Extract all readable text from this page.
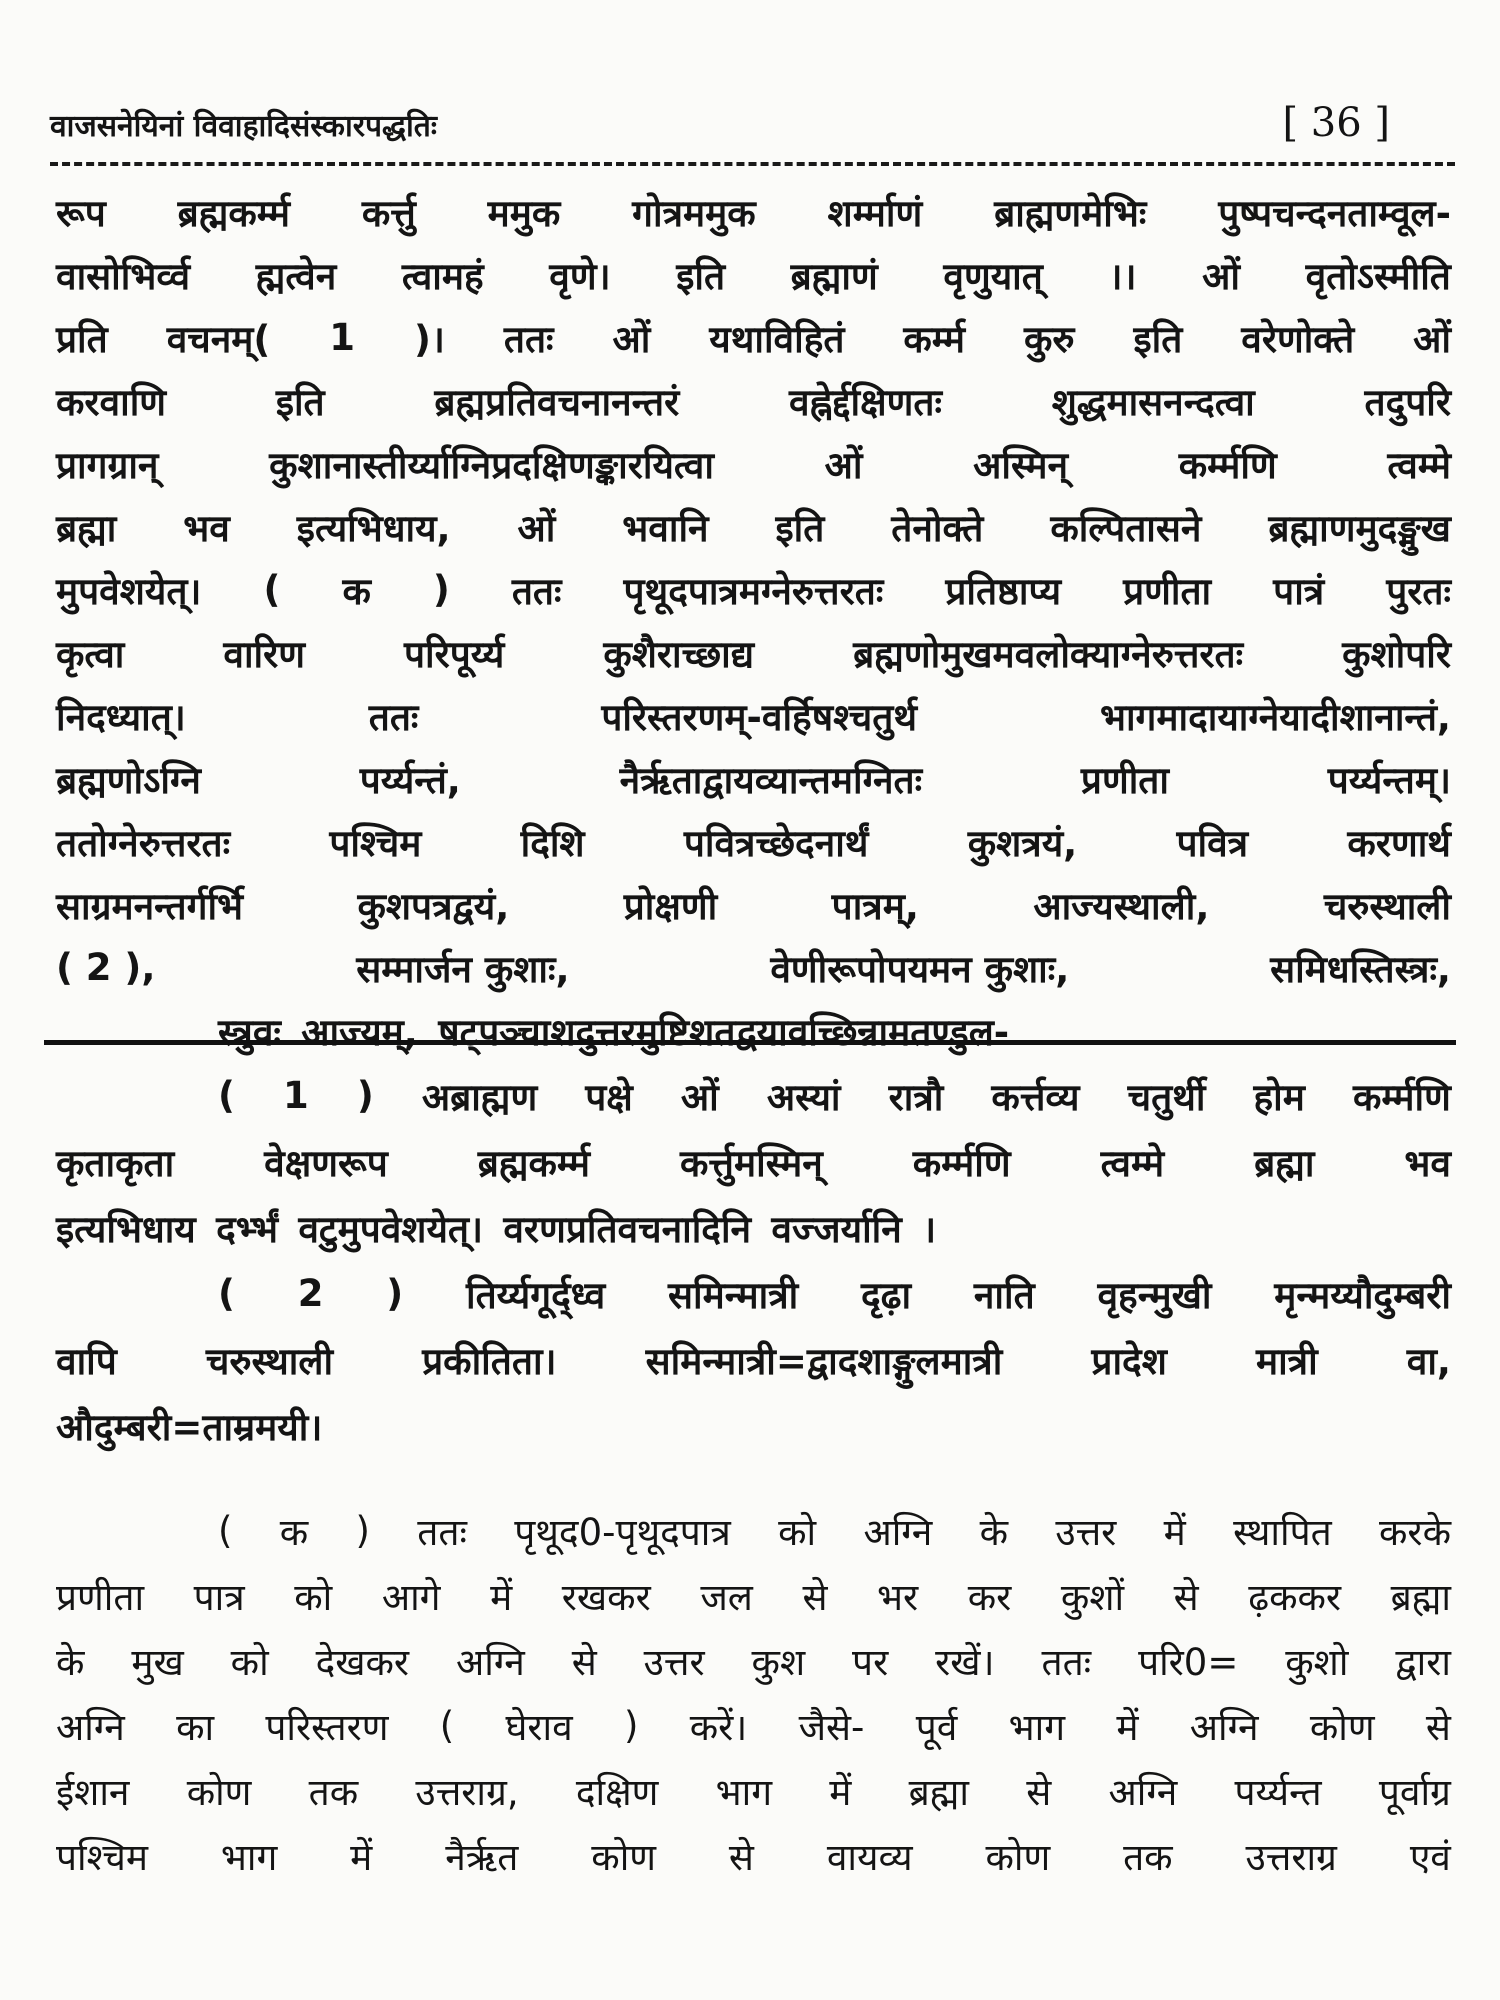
वाजसनेयिनां विवाहादिसंस्कारपद्धतिः	[ 36 ]
रूप ब्रह्मकर्म्म कर्त्तु ममुक गोत्रममुक शर्म्माणं ब्राह्मणमेभिः पुष्पचन्दनताम्वूल-
वासोभिर्व्व ह्मत्वेन त्वामहं वृणे। इति ब्रह्माणं वृणुयात् ।। ओं वृतोऽस्मीति
प्रति वचनम्( 1 )। ततः ओं यथाविहितं कर्म्म कुरु इति वरेणोक्ते ओं
करवाणि	इति	ब्रह्मप्रतिवचनानन्तरं	वह्नेर्द्दक्षिणतः	शुद्धमासनन्दत्वा	तदुपरि
प्रागग्रान्	कुशानास्तीर्य्याग्निप्रदक्षिणङ्कारयित्वा	ओं	अस्मिन्	कर्म्मणि	त्वम्मे
ब्रह्मा भव इत्यभिधाय, ओं भवानि इति तेनोक्ते कल्पितासने ब्रह्माणमुदङ्मुख
मुपवेशयेत्। ( क ) ततः पृथूदपात्रमग्नेरुत्तरतः प्रतिष्ठाप्य प्रणीता पात्रं पुरतः
कृत्वा	वारिण	परिपूर्य्य	कुशैराच्छाद्य	ब्रह्मणोमुखमवलोक्याग्नेरुत्तरतः	कुशोपरि
निदध्यात्।	ततः	परिस्तरणम्-वर्हिषश्चतुर्थ	भागमादायाग्नेयादीशानान्तं,
ब्रह्मणोऽग्नि	पर्य्यन्तं,	नैर्ऋताद्वायव्यान्तमग्नितः	प्रणीता	पर्य्यन्तम्।
ततोग्नेरुत्तरतः	पश्चिम	दिशि	पवित्रच्छेदनार्थं	कुशत्रयं,	पवित्र	करणार्थ
साग्रमनन्तर्गर्भि	कुशपत्रद्वयं,	प्रोक्षणी	पात्रम्,	आज्यस्थाली,	चरुस्थाली
( 2 ),	सम्मार्जन कुशाः,	वेणीरूपोपयमन कुशाः,	समिधस्तिस्त्रः,
स्त्रुवः आज्यम्, षट्पञ्चाशदुत्तरमुष्टिशतद्वयावच्छिन्नामतण्डुल-
( 1 ) अब्राह्मण पक्षे ओं अस्यां रात्रौ कर्त्तव्य चतुर्थी होम कर्म्मणि
कृताकृता वेक्षणरूप ब्रह्मकर्म्म कर्त्तुमस्मिन् कर्म्मणि त्वम्मे ब्रह्मा भव
इत्यभिधाय दर्भ्भं वटुमुपवेशयेत्। वरणप्रतिवचनादिनि वज्जर्यानि ।
( 2 ) तिर्य्यगूर्द्ध्व समिन्मात्री दृढ़ा नाति वृहन्मुखी मृन्मय्यौदुम्बरी
वापि चरुस्थाली प्रकीतिता। समिन्मात्री=द्वादशाङ्गुलमात्री प्रादेश मात्री वा,
औदुम्बरी=ताम्रमयी।
( क ) ततः पृथूद0-पृथूदपात्र को अग्नि के उत्तर में स्थापित करके
प्रणीता पात्र को आगे में रखकर जल से भर कर कुशों से ढ़ककर ब्रह्मा
के मुख को देखकर अग्नि से उत्तर कुश पर रखें। ततः परि0= कुशो द्वारा
अग्नि का परिस्तरण ( घेराव ) करें। जैसे- पूर्व भाग में अग्नि कोण से
ईशान कोण तक उत्तराग्र, दक्षिण भाग में ब्रह्मा से अग्नि पर्य्यन्त पूर्वाग्र
पश्चिम भाग में नैर्ऋत कोण से वायव्य कोण तक उत्तराग्र एवं
